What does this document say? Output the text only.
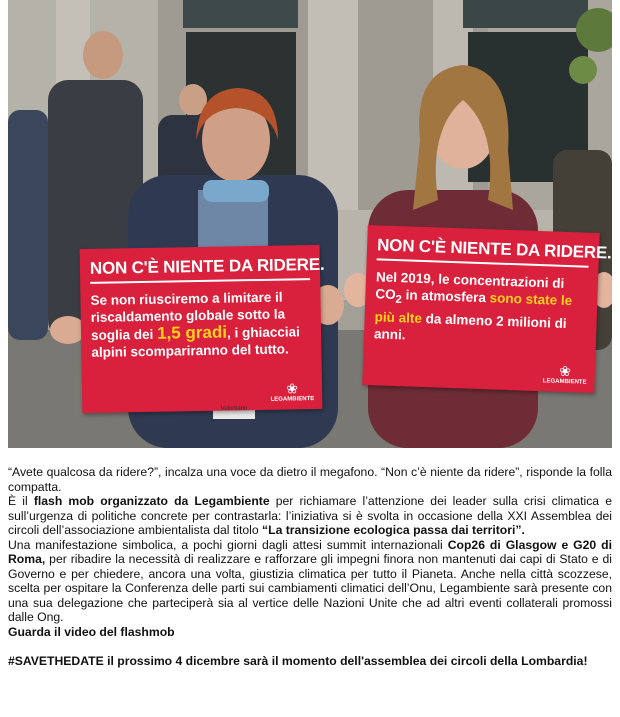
NON C'È NIENTE DA RIDERE.
Se non riusciremo a limitare il riscaldamento globale sotto la soglia dei 1,5 gradi, i ghiacciai alpini scompariranno del tutto.
❀
LEGAMBIENTE
NON C'È NIENTE DA RIDERE.
Nel 2019, le concentrazioni di $CO_2$ in atmosfera sono state le più alte da almeno 2 milioni di anni.
❀
LEGAMBIENTE
Volontario

“Avete qualcosa da ridere?”, incalza una voce da dietro il megafono. “Non c’è niente da ridere”, risponde la folla compatta.

È il flash mob organizzato da Legambiente per richiamare l’attenzione dei leader sulla crisi climatica e sull’urgenza di politiche concrete per contrastarla: l’iniziativa si è svolta in occasione della XXI Assemblea dei circoli dell’associazione ambientalista dal titolo “La transizione ecologica passa dai territori”.

Una manifestazione simbolica, a pochi giorni dagli attesi summit internazionali Cop26 di Glasgow e G20 di Roma, per ribadire la necessità di realizzare e rafforzare gli impegni finora non mantenuti dai capi di Stato e di Governo e per chiedere, ancora una volta, giustizia climatica per tutto il Pianeta. Anche nella città scozzese, scelta per ospitare la Conferenza delle parti sui cambiamenti climatici dell’Onu, Legambiente sarà presente con una sua delegazione che parteciperà sia al vertice delle Nazioni Unite che ad altri eventi collaterali promossi dalle Ong.

Guarda il video del flashmob

#SAVETHEDATE il prossimo 4 dicembre sarà il momento dell'assemblea dei circoli della Lombardia!
